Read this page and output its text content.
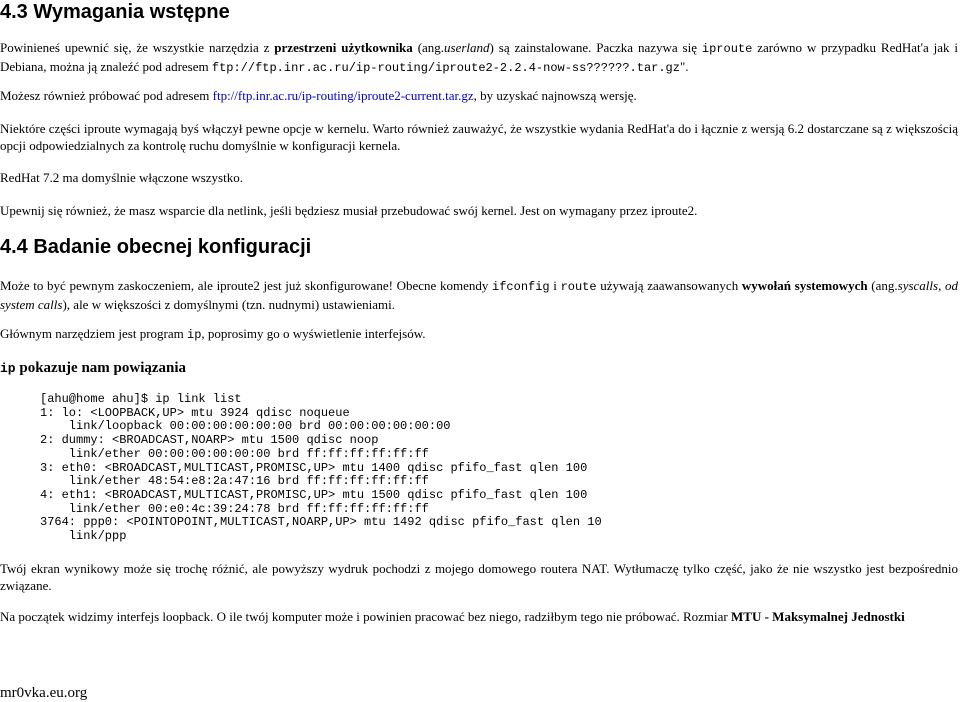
4.3 Wymagania wstępne

Powinieneś upewnić się, że wszystkie narzędzia z przestrzeni użytkownika (ang.userland) są zainstalowane. Paczka nazywa się iproute zarówno w przypadku RedHat'a jak i Debiana, można ją znaleźć pod adresem ftp://ftp.inr.ac.ru/ip-routing/iproute2-2.2.4-now-ss??????.tar.gz".

Możesz również próbować pod adresem ftp://ftp.inr.ac.ru/ip-routing/iproute2-current.tar.gz, by uzyskać najnowszą wersję.

Niektóre części iproute wymagają byś włączył pewne opcje w kernelu. Warto również zauważyć, że wszystkie wydania RedHat'a do i łącznie z wersją 6.2 dostarczane są z większością opcji odpowiedzialnych za kontrolę ruchu domyślnie w konfiguracji kernela.

RedHat 7.2 ma domyślnie włączone wszystko.

Upewnij się również, że masz wsparcie dla netlink, jeśli będziesz musiał przebudować swój kernel. Jest on wymagany przez iproute2.

4.4 Badanie obecnej konfiguracji

Może to być pewnym zaskoczeniem, ale iproute2 jest już skonfigurowane! Obecne komendy ifconfig i route używają zaawansowanych wywołań systemowych (ang.syscalls, od system calls), ale w większości z domyślnymi (tzn. nudnymi) ustawieniami.

Głównym narzędziem jest program ip, poprosimy go o wyświetlenie interfejsów.

ip pokazuje nam powiązania
[ahu@home ahu]$ ip link list
1: lo: <LOOPBACK,UP> mtu 3924 qdisc noqueue
link/loopback 00:00:00:00:00:00 brd 00:00:00:00:00:00
2: dummy: <BROADCAST,NOARP> mtu 1500 qdisc noop
link/ether 00:00:00:00:00:00 brd ff:ff:ff:ff:ff:ff
3: eth0: <BROADCAST,MULTICAST,PROMISC,UP> mtu 1400 qdisc pfifo_fast qlen 100
link/ether 48:54:e8:2a:47:16 brd ff:ff:ff:ff:ff:ff
4: eth1: <BROADCAST,MULTICAST,PROMISC,UP> mtu 1500 qdisc pfifo_fast qlen 100
link/ether 00:e0:4c:39:24:78 brd ff:ff:ff:ff:ff:ff
3764: ppp0: <POINTOPOINT,MULTICAST,NOARP,UP> mtu 1492 qdisc pfifo_fast qlen 10
link/ppp

Twój ekran wynikowy może się trochę różnić, ale powyższy wydruk pochodzi z mojego domowego routera NAT. Wytłumaczę tylko część, jako że nie wszystko jest bezpośrednio związane.

Na początek widzimy interfejs loopback. O ile twój komputer może i powinien pracować bez niego, radziłbym tego nie próbować. Rozmiar MTU - Maksymalnej Jednostki

mr0vka.eu.org
